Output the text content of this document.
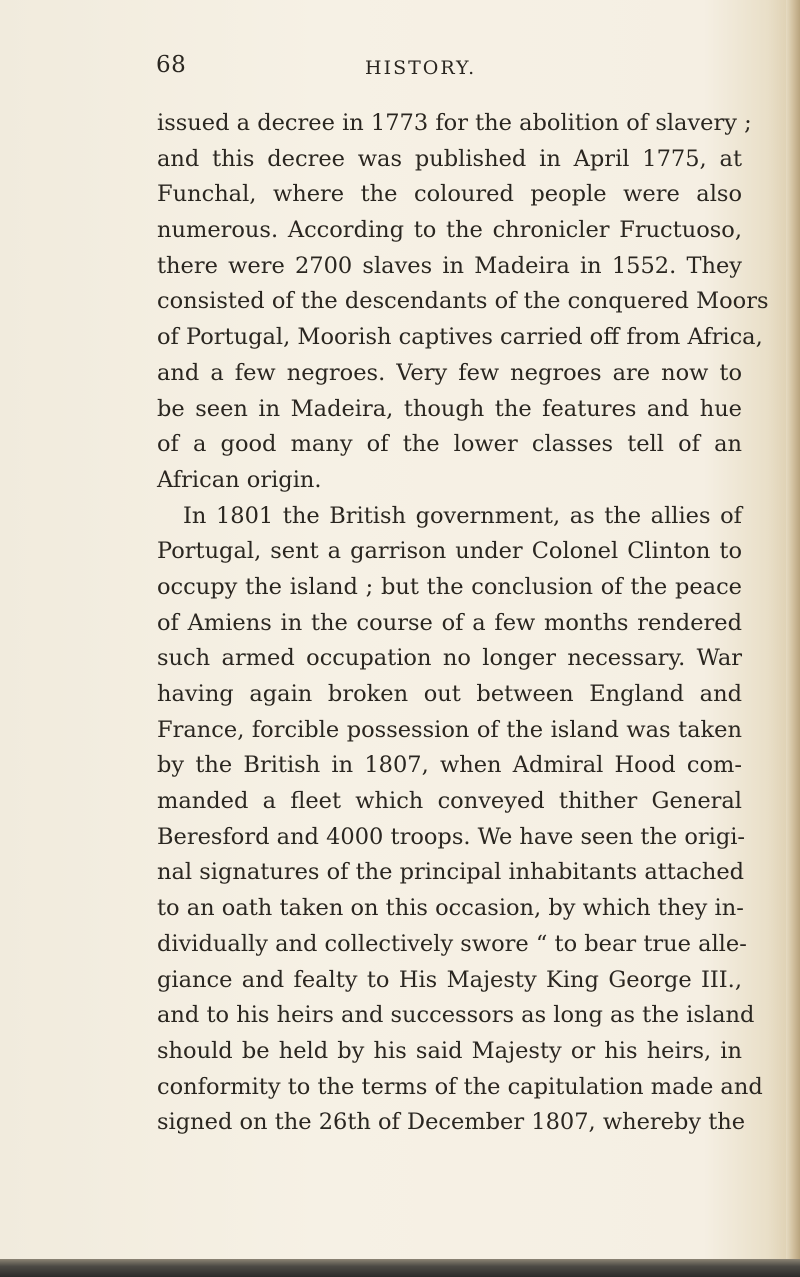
68	HISTORY.
issued a decree in 1773 for the abolition of slavery ;
and this decree was published in April 1775, at
Funchal, where the coloured people were also
numerous. According to the chronicler Fructuoso,
there were 2700 slaves in Madeira in 1552. They
consisted of the descendants of the conquered Moors
of Portugal, Moorish captives carried off from Africa,
and a few negroes. Very few negroes are now to
be seen in Madeira, though the features and hue
of a good many of the lower classes tell of an
African origin.
In 1801 the British government, as the allies of
Portugal, sent a garrison under Colonel Clinton to
occupy the island ; but the conclusion of the peace
of Amiens in the course of a few months rendered
such armed occupation no longer necessary. War
having again broken out between England and
France, forcible possession of the island was taken
by the British in 1807, when Admiral Hood com-
manded a fleet which conveyed thither General
Beresford and 4000 troops. We have seen the origi-
nal signatures of the principal inhabitants attached
to an oath taken on this occasion, by which they in-
dividually and collectively swore “ to bear true alle-
giance and fealty to His Majesty King George III.,
and to his heirs and successors as long as the island
should be held by his said Majesty or his heirs, in
conformity to the terms of the capitulation made and
signed on the 26th of December 1807, whereby the
